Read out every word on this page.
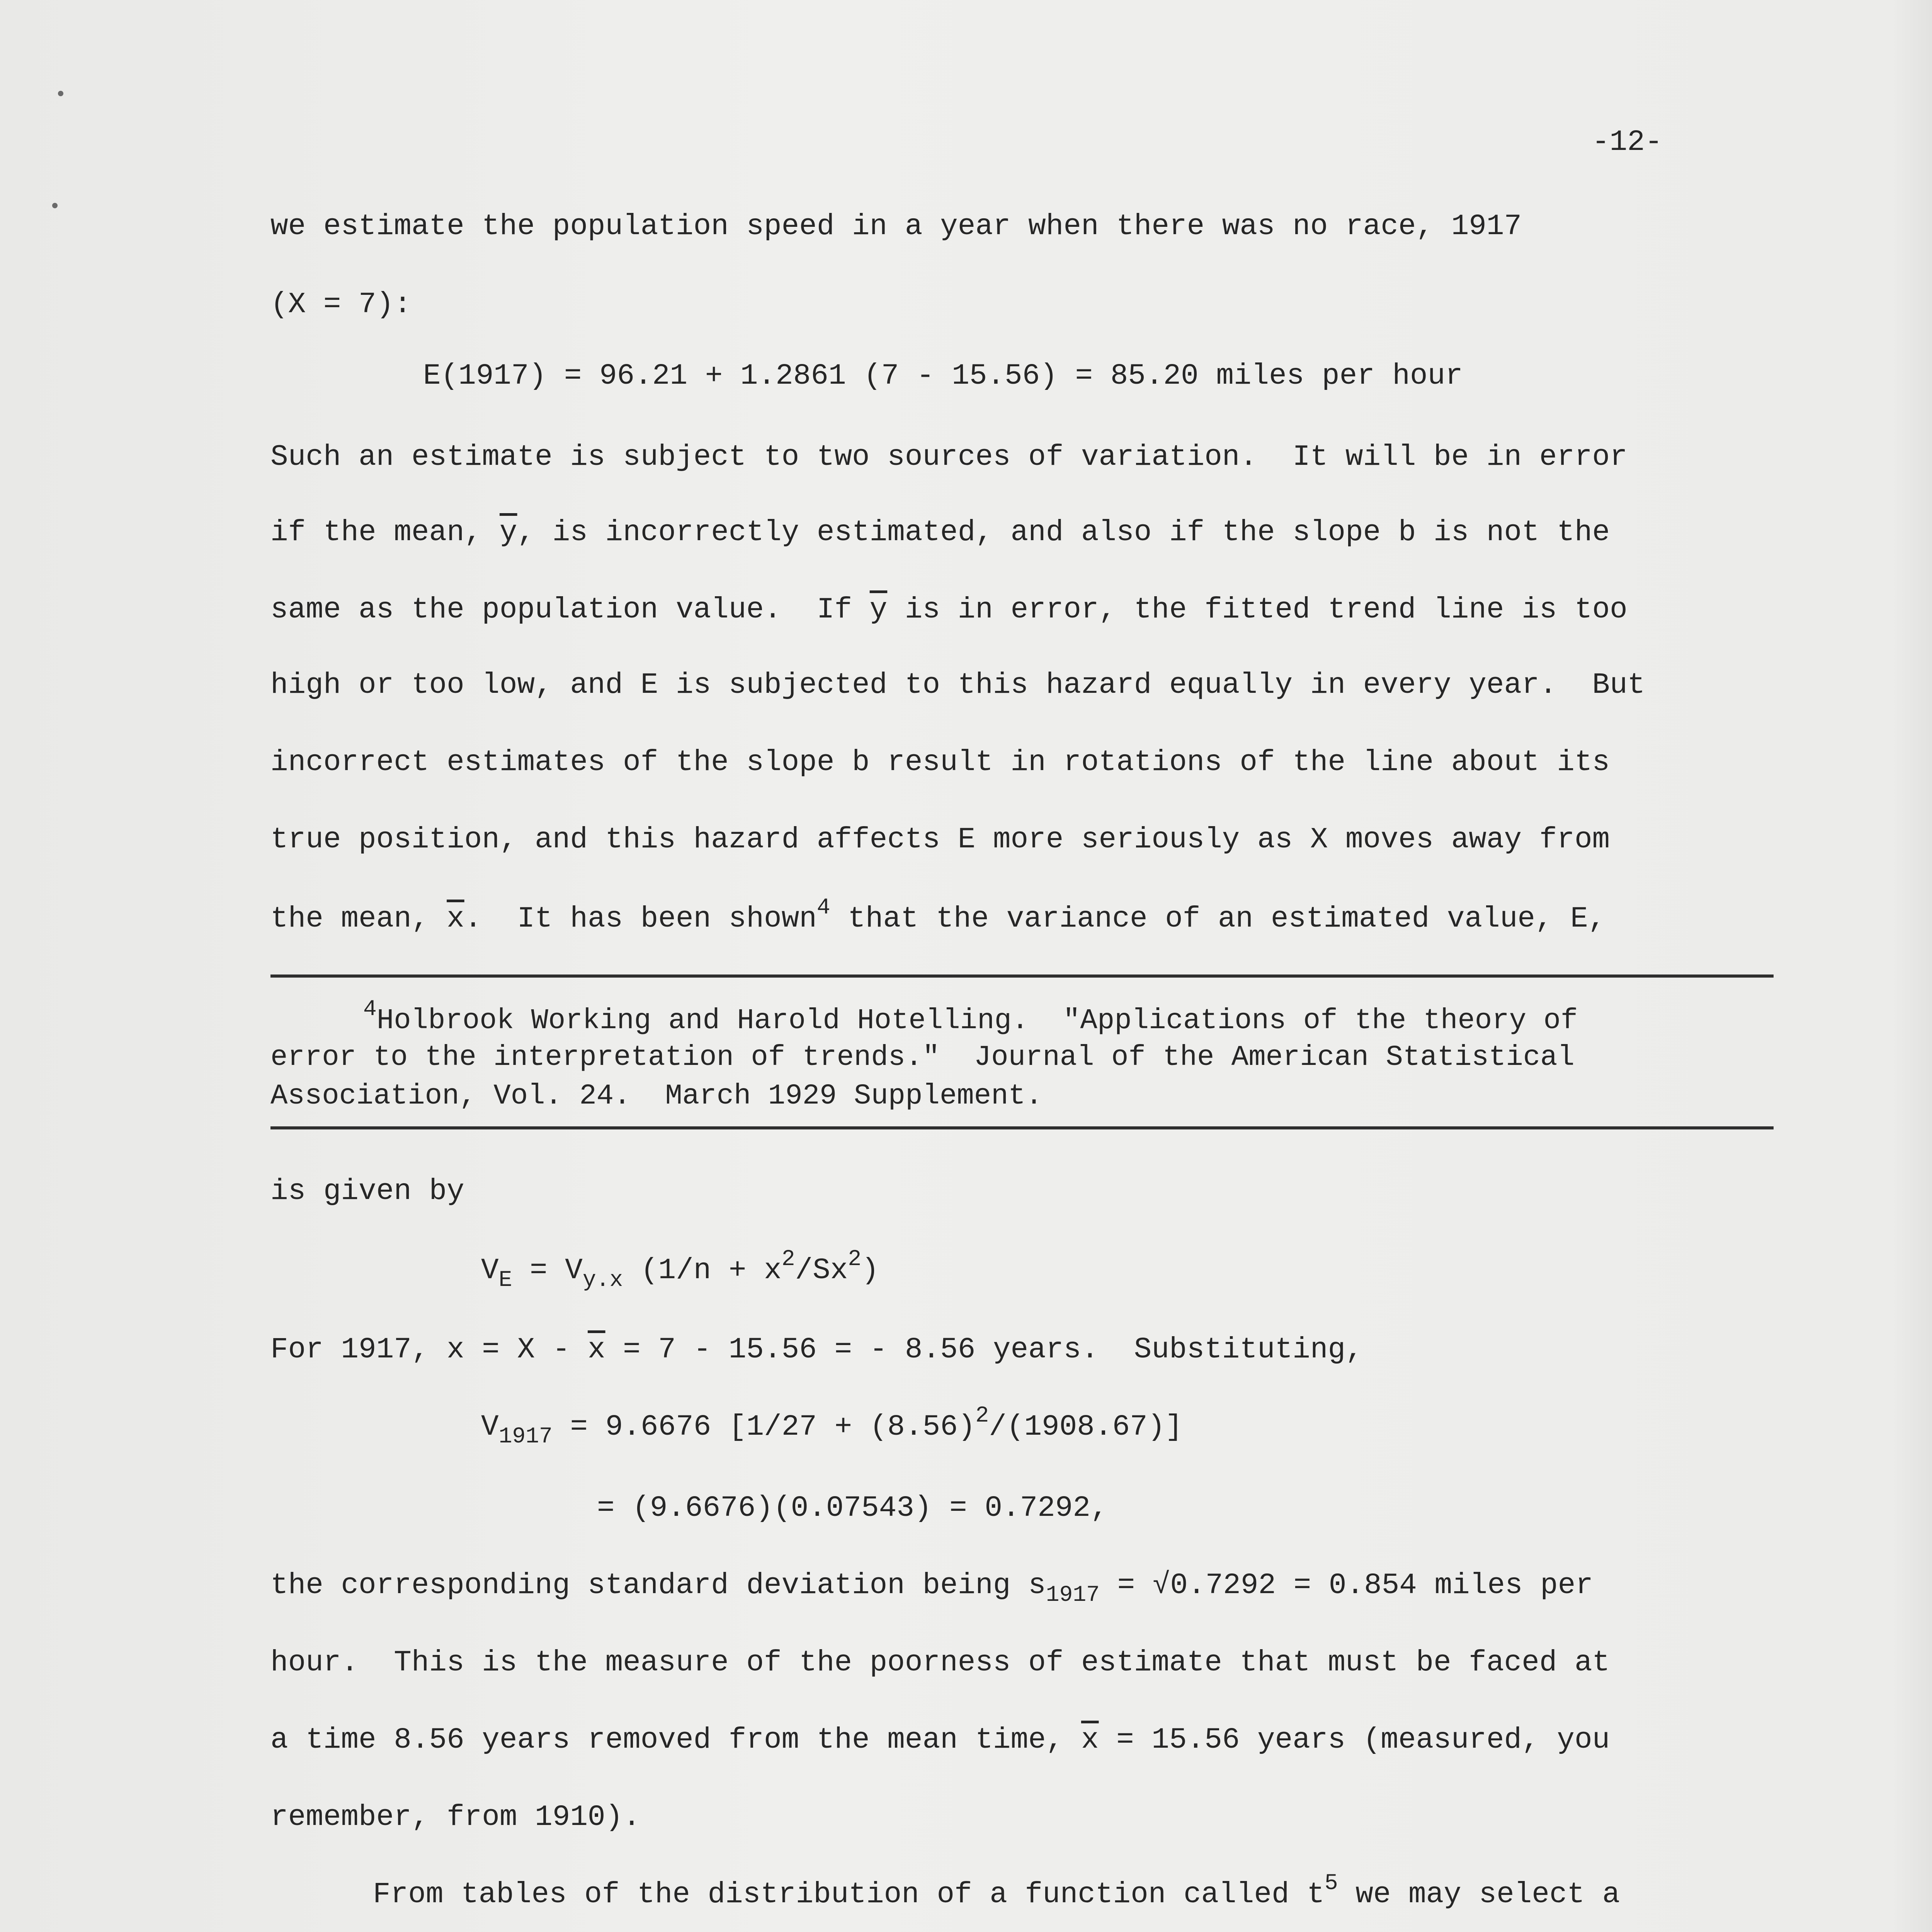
-12-
we estimate the population speed in a year when there was no race, 1917
(X = 7):
E(1917) = 96.21 + 1.2861 (7 - 15.56) = 85.20 miles per hour
Such an estimate is subject to two sources of variation.  It will be in error
if the mean, $\overline{y}$, is incorrectly estimated, and also if the slope b is not the
same as the population value.  If $\overline{y}$ is in error, the fitted trend line is too
high or too low, and E is subjected to this hazard equally in every year.  But
incorrect estimates of the slope b result in rotations of the line about its
true position, and this hazard affects E more seriously as X moves away from
the mean, $\overline{x}$.  It has been shown$^4$ that the variance of an estimated value, E,
$^4$Holbrook Working and Harold Hotelling.  "Applications of the theory of
error to the interpretation of trends."  Journal of the American Statistical
Association, Vol. 24.  March 1929 Supplement.
is given by
$V_E = V_{y.x}$ $(1/n + x^2/Sx^2)$
For 1917, $x = X - \overline{x} = 7 - 15.56$ = - 8.56 years.  Substituting,
$V_{1917} = 9.6676$ $[1/27 + (8.56)^2/(1908.67)]$
= (9.6676)(0.07543) = 0.7292,
the corresponding standard deviation being $s_{1917} = √0.7292 = 0.854$ miles per
hour.  This is the measure of the poorness of estimate that must be faced at
a time 8.56 years removed from the mean time, $\overline{x} = 15.56$ years (measured, you
remember, from 1910).
From tables of the distribution of a function called $t^5$ we may select a
